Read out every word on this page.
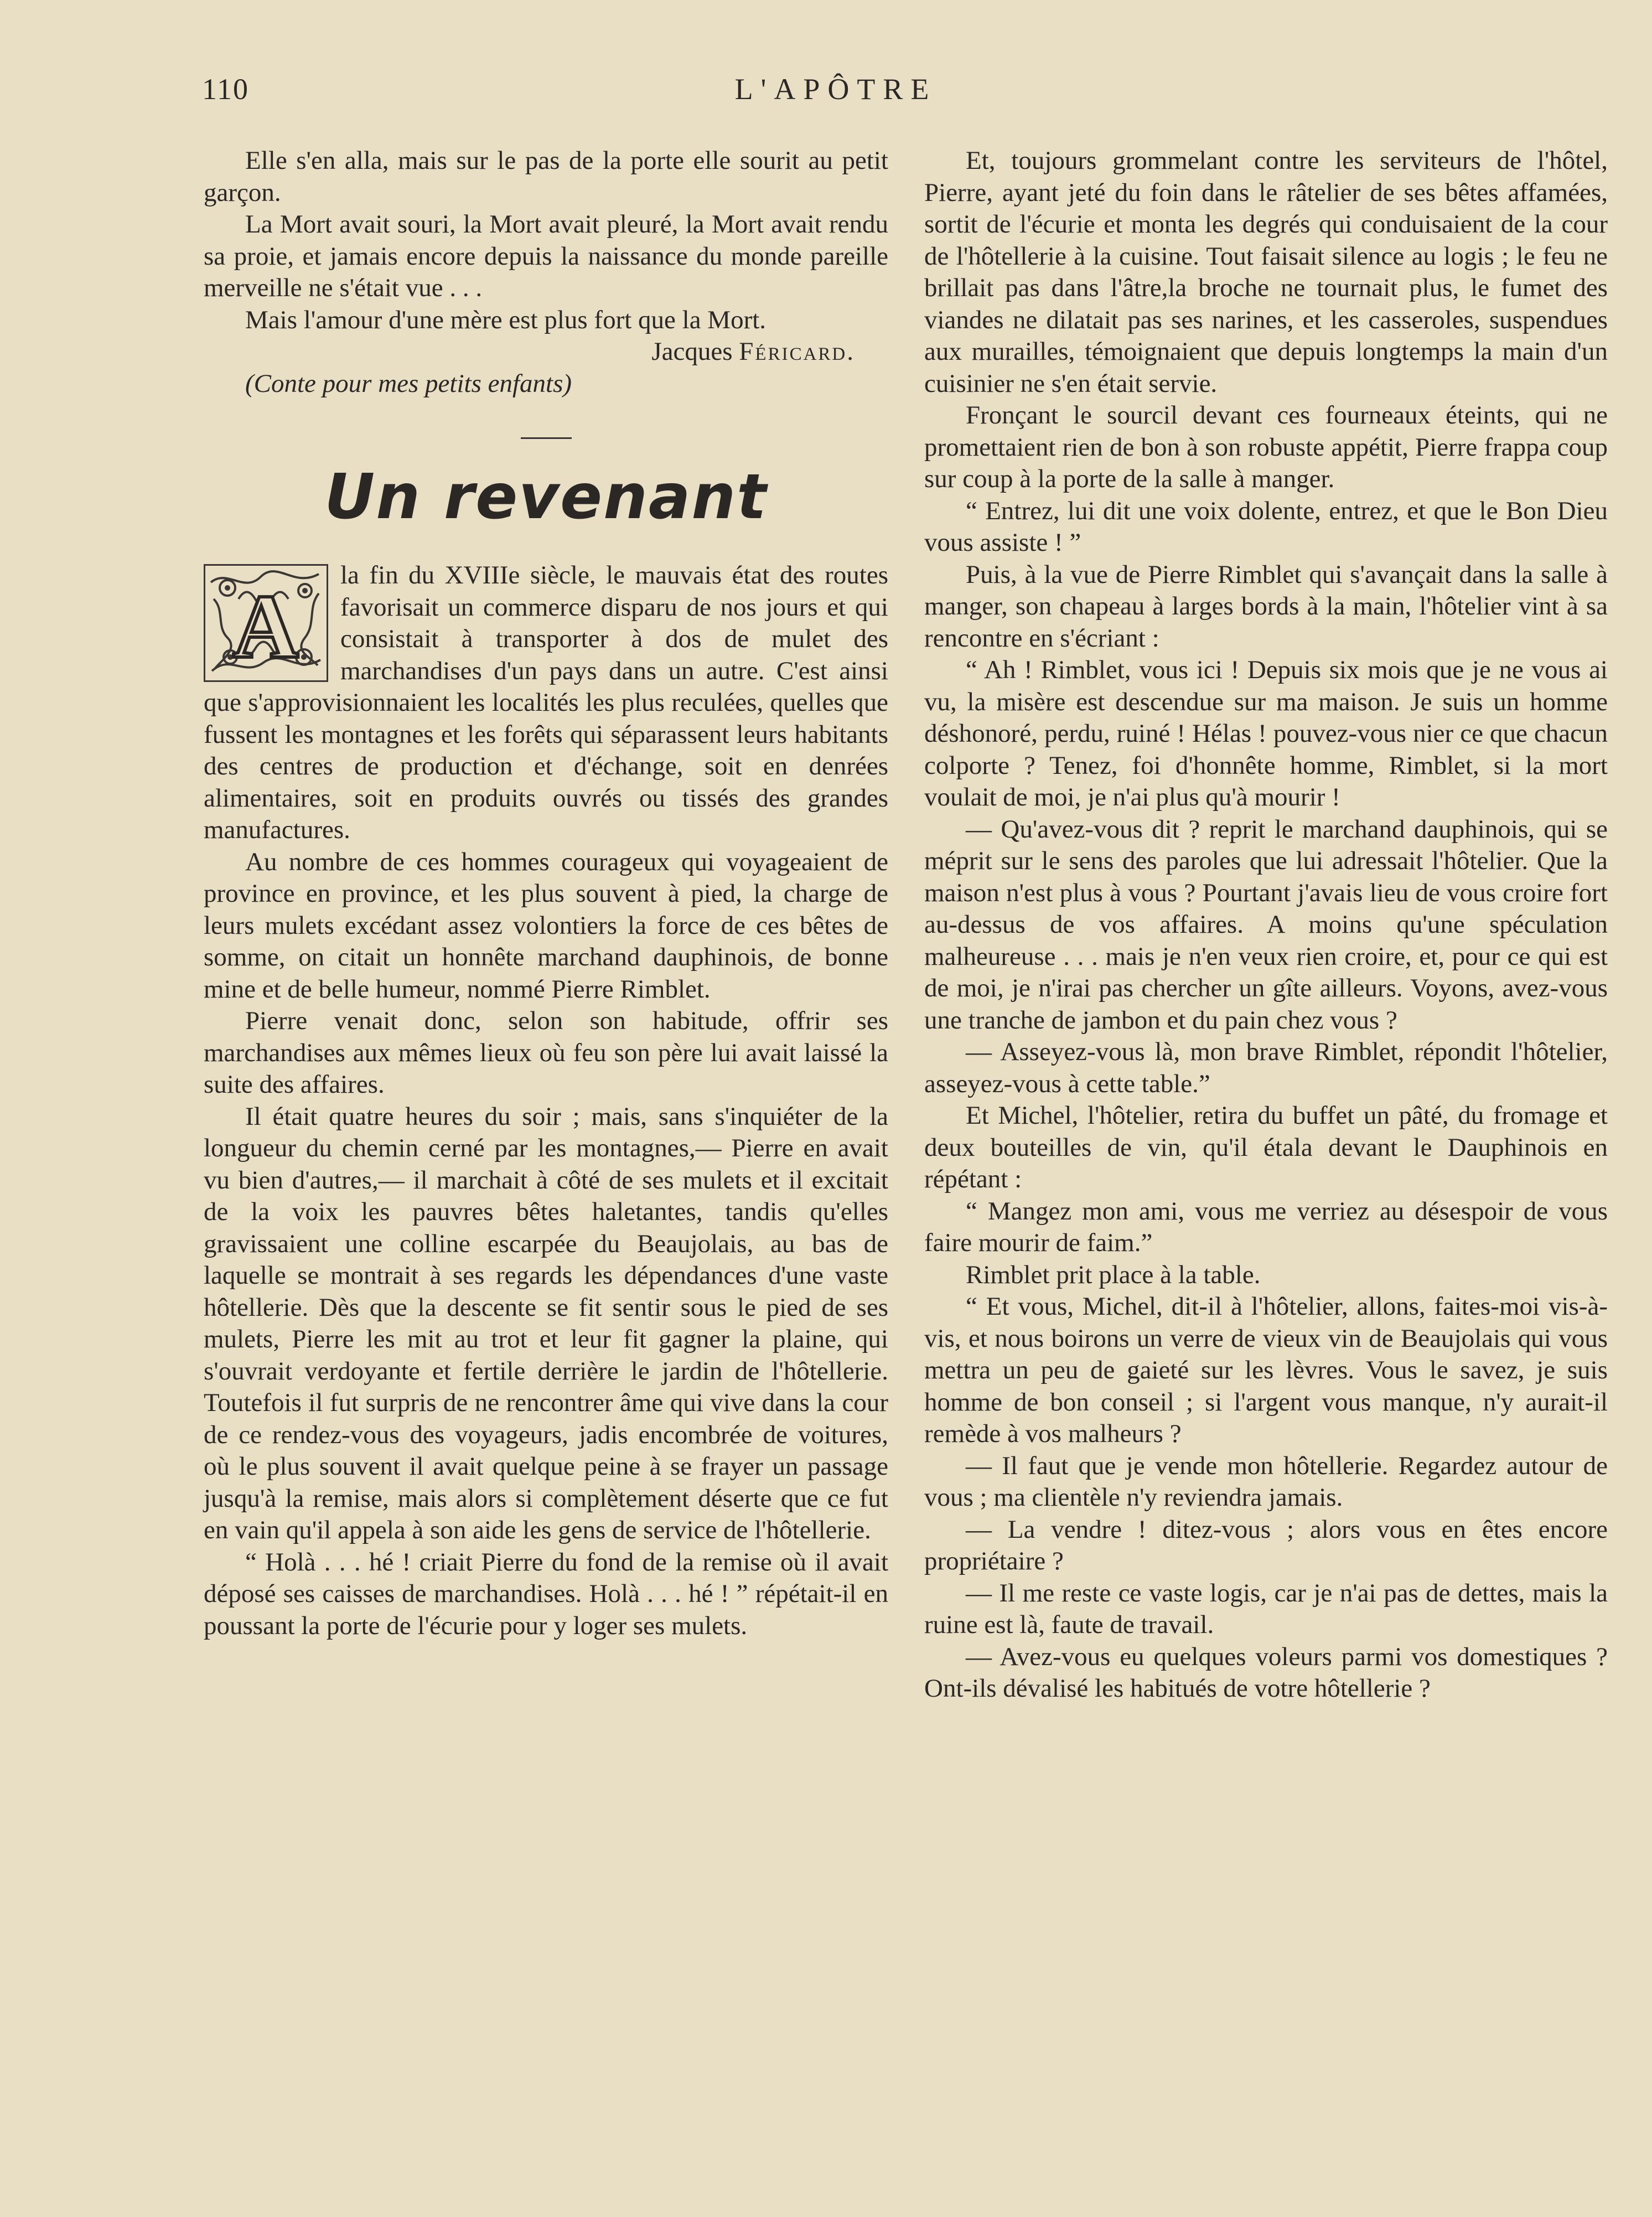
110	L'APÔTRE

Elle s'en alla, mais sur le pas de la porte elle sourit au petit garçon.

La Mort avait souri, la Mort avait pleuré, la Mort avait rendu sa proie, et jamais encore depuis la naissance du monde pareille merveille ne s'était vue . . .

Mais l'amour d'une mère est plus fort que la Mort.

Jacques Féricard.

(Conte pour mes petits enfants)

Un revenant

A
la fin du XVIIIe siècle, le mauvais état des routes favorisait un commerce disparu de nos jours et qui consistait à transporter à dos de mulet des marchandises d'un pays dans un autre. C'est ainsi que s'approvisionnaient les localités les plus reculées, quelles que fussent les montagnes et les forêts qui séparassent leurs habitants des centres de production et d'échange, soit en denrées alimentaires, soit en produits ouvrés ou tissés des grandes manufactures.

Au nombre de ces hommes courageux qui voyageaient de province en province, et les plus souvent à pied, la charge de leurs mulets excédant assez volontiers la force de ces bêtes de somme, on citait un honnête marchand dauphinois, de bonne mine et de belle humeur, nommé Pierre Rimblet.

Pierre venait donc, selon son habitude, offrir ses marchandises aux mêmes lieux où feu son père lui avait laissé la suite des affaires.

Il était quatre heures du soir ; mais, sans s'inquiéter de la longueur du chemin cerné par les montagnes,— Pierre en avait vu bien d'autres,— il marchait à côté de ses mulets et il excitait de la voix les pauvres bêtes haletantes, tandis qu'elles gravissaient une colline escarpée du Beaujolais, au bas de laquelle se montrait à ses regards les dépendances d'une vaste hôtellerie. Dès que la descente se fit sentir sous le pied de ses mulets, Pierre les mit au trot et leur fit gagner la plaine, qui s'ouvrait verdoyante et fertile derrière le jardin de l'hôtellerie. Toutefois il fut surpris de ne rencontrer âme qui vive dans la cour de ce rendez-vous des voyageurs, jadis encombrée de voitures, où le plus souvent il avait quelque peine à se frayer un passage jusqu'à la remise, mais alors si complètement déserte que ce fut en vain qu'il appela à son aide les gens de service de l'hôtellerie.

“ Holà . . . hé ! criait Pierre du fond de la remise où il avait déposé ses caisses de marchandises. Holà . . . hé ! ” répétait-il en poussant la porte de l'écurie pour y loger ses mulets.

Et, toujours grommelant contre les serviteurs de l'hôtel, Pierre, ayant jeté du foin dans le râtelier de ses bêtes affamées, sortit de l'écurie et monta les degrés qui conduisaient de la cour de l'hôtellerie à la cuisine. Tout faisait silence au logis ; le feu ne brillait pas dans l'âtre,la broche ne tournait plus, le fumet des viandes ne dilatait pas ses narines, et les casseroles, suspendues aux murailles, témoignaient que depuis longtemps la main d'un cuisinier ne s'en était servie.

Fronçant le sourcil devant ces fourneaux éteints, qui ne promettaient rien de bon à son robuste appétit, Pierre frappa coup sur coup à la porte de la salle à manger.

“ Entrez, lui dit une voix dolente, entrez, et que le Bon Dieu vous assiste ! ”

Puis, à la vue de Pierre Rimblet qui s'avançait dans la salle à manger, son chapeau à larges bords à la main, l'hôtelier vint à sa rencontre en s'écriant :

“ Ah ! Rimblet, vous ici ! Depuis six mois que je ne vous ai vu, la misère est descendue sur ma maison. Je suis un homme déshonoré, perdu, ruiné ! Hélas ! pouvez-vous nier ce que chacun colporte ? Tenez, foi d'honnête homme, Rimblet, si la mort voulait de moi, je n'ai plus qu'à mourir !

— Qu'avez-vous dit ? reprit le marchand dauphinois, qui se méprit sur le sens des paroles que lui adressait l'hôtelier. Que la maison n'est plus à vous ? Pourtant j'avais lieu de vous croire fort au-dessus de vos affaires. A moins qu'une spéculation malheureuse . . . mais je n'en veux rien croire, et, pour ce qui est de moi, je n'irai pas chercher un gîte ailleurs. Voyons, avez-vous une tranche de jambon et du pain chez vous ?

— Asseyez-vous là, mon brave Rimblet, répondit l'hôtelier, asseyez-vous à cette table.”

Et Michel, l'hôtelier, retira du buffet un pâté, du fromage et deux bouteilles de vin, qu'il étala devant le Dauphinois en répétant :

“ Mangez mon ami, vous me verriez au désespoir de vous faire mourir de faim.”

Rimblet prit place à la table.

“ Et vous, Michel, dit-il à l'hôtelier, allons, faites-moi vis-à-vis, et nous boirons un verre de vieux vin de Beaujolais qui vous mettra un peu de gaieté sur les lèvres. Vous le savez, je suis homme de bon conseil ; si l'argent vous manque, n'y aurait-il remède à vos malheurs ?

— Il faut que je vende mon hôtellerie. Regardez autour de vous ; ma clientèle n'y reviendra jamais.

— La vendre ! ditez-vous ; alors vous en êtes encore propriétaire ?

— Il me reste ce vaste logis, car je n'ai pas de dettes, mais la ruine est là, faute de travail.

— Avez-vous eu quelques voleurs parmi vos domestiques ? Ont-ils dévalisé les habitués de votre hôtellerie ?
